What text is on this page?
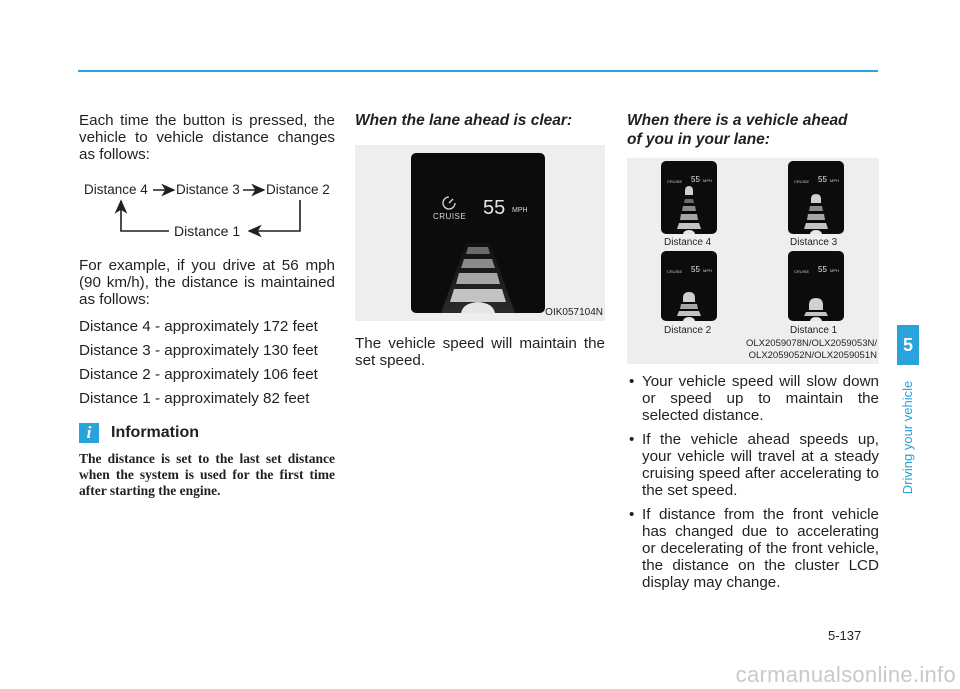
Each time the button is pressed, the vehicle to vehicle distance changes as follows:

Distance 4 Distance 3 Distance 2
Distance 1

For example, if you drive at 56 mph (90 km/h), the distance is maintained as follows:

Distance 4 - approximately 172 feet

Distance 3 - approximately 130 feet

Distance 2 - approximately 106 feet

Distance 1 - approximately 82 feet

i	Information

The distance is set to the last set distance when the system is used for the first time after starting the engine.

When the lane ahead is clear:

CRUISE 55 MPH
OIK057104N

The vehicle speed will maintain the set speed.

When there is a vehicle ahead

of you in your lane:

CRUISE 55 MPH	CRUISE 55 MPH
Distance 4	Distance 3
CRUISE 55 MPH	CRUISE 55 MPH
Distance 2	Distance 1
OLX2059078N/OLX2059053N/
OLX2059052N/OLX2059051N

• Your vehicle speed will slow down or speed up to maintain the selected distance.

• If the vehicle ahead speeds up, your vehicle will travel at a steady cruising speed after accelerating to the set speed.

• If distance from the front vehicle has changed due to accelerating or decelerating of the front vehicle, the distance on the cluster LCD display may change.

5
Driving your vehicle
5-137
carmanualsonline.info
